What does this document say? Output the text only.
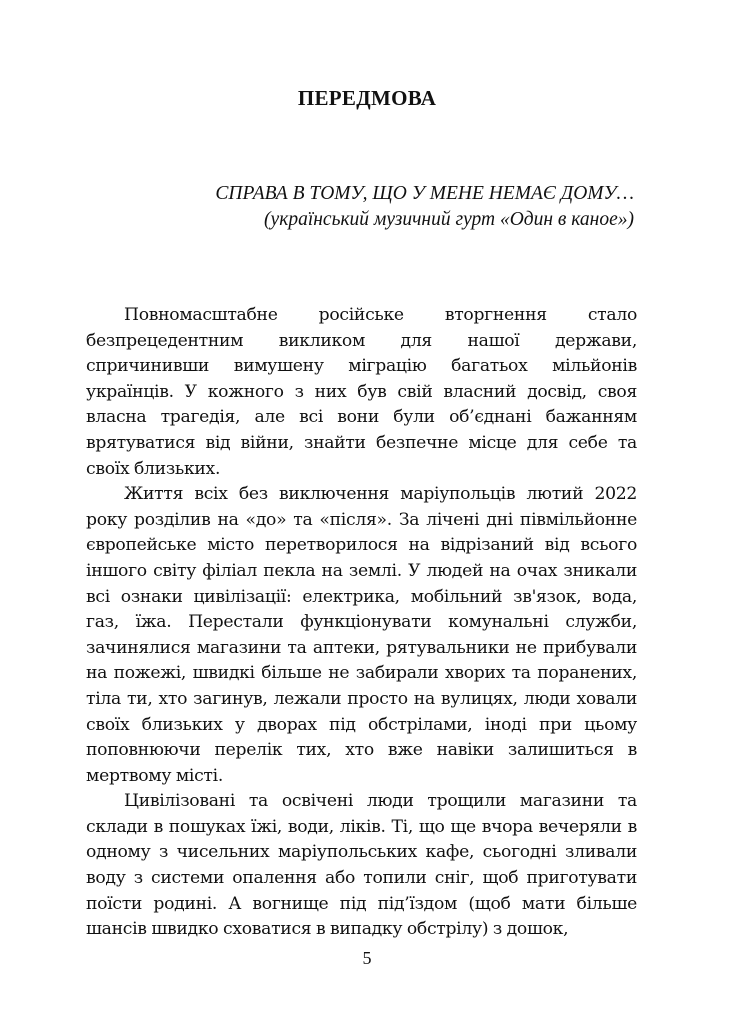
ПЕРЕДМОВА
СПРАВА В ТОМУ, ЩО У МЕНЕ НЕМАЄ ДОМУ…
(український музичний гурт «Один в каное»)

Повномасштабне російське вторгнення стало безпрецедентним викликом для нашої держави, спричинивши вимушену міграцію багатьох мільйонів українців. У кожного з них був свій власний досвід, своя власна трагедія, але всі вони були об’єднані бажанням врятуватися від війни, знайти безпечне місце для себе та своїх близьких.

Життя всіх без виключення маріупольців лютий 2022 року розділив на «до» та «після». За лічені дні півмільйонне європейське місто перетворилося на відрізаний від всього іншого світу філіал пекла на землі. У людей на очах зникали всі ознаки цивілізації: електрика, мобільний зв'язок, вода, газ, їжа. Перестали функціонувати комунальні служби, зачинялися магазини та аптеки, рятувальники не прибували на пожежі, швидкі більше не забирали хворих та поранених, тіла ти, хто загинув, лежали просто на вулицях, люди ховали своїх близьких у дворах під обстрілами, іноді при цьому поповнюючи перелік тих, хто вже навіки залишиться в мертвому місті.

Цивілізовані та освічені люди трощили магазини та склади в пошуках їжі, води, ліків. Ті, що ще вчора вечеряли в одному з чисельних маріупольських кафе, сьогодні зливали воду з системи опалення або топили сніг, щоб приготувати поїсти родині. А вогнище під під’їздом (щоб мати більше шансів швидко сховатися в випадку обстрілу) з дошок,

5
